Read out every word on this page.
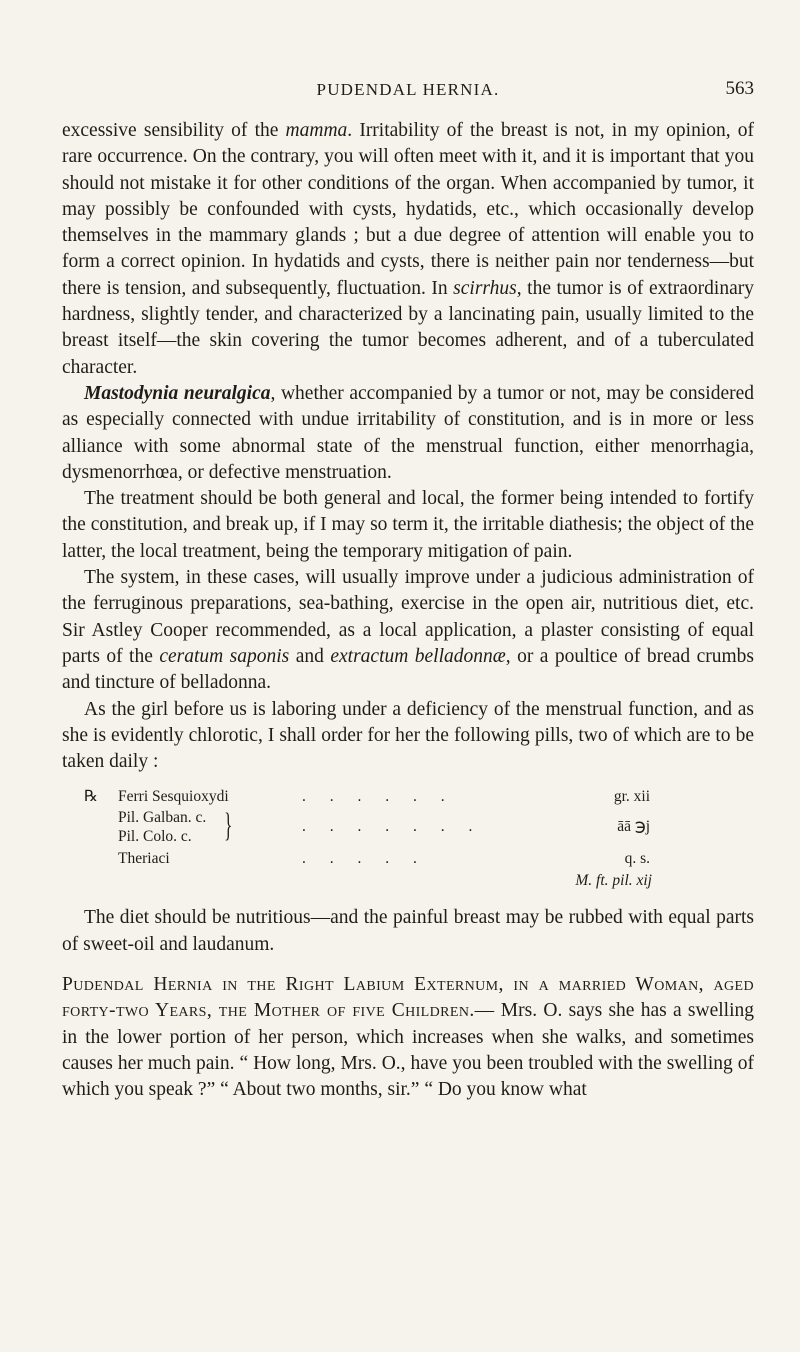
PUDENDAL HERNIA.	563

excessive sensibility of the mamma. Irritability of the breast is not, in my opinion, of rare occurrence. On the contrary, you will often meet with it, and it is important that you should not mistake it for other conditions of the organ. When accompanied by tumor, it may possibly be confounded with cysts, hydatids, etc., which occasionally develop themselves in the mammary glands ; but a due degree of attention will enable you to form a correct opinion. In hydatids and cysts, there is neither pain nor tenderness—but there is tension, and subsequently, fluctuation. In scirrhus, the tumor is of extraordinary hardness, slightly tender, and characterized by a lancinating pain, usually limited to the breast itself—the skin covering the tumor becomes adherent, and of a tuberculated character.

Mastodynia neuralgica, whether accompanied by a tumor or not, may be considered as especially connected with undue irritability of constitution, and is in more or less alliance with some abnormal state of the menstrual function, either menorrhagia, dysmenorrhœa, or defective menstruation.

The treatment should be both general and local, the former being intended to fortify the constitution, and break up, if I may so term it, the irritable diathesis; the object of the latter, the local treatment, being the temporary mitigation of pain.

The system, in these cases, will usually improve under a judicious administration of the ferruginous preparations, sea-bathing, exercise in the open air, nutritious diet, etc. Sir Astley Cooper recommended, as a local application, a plaster consisting of equal parts of the ceratum saponis and extractum belladonnæ, or a poultice of bread crumbs and tincture of belladonna.

As the girl before us is laboring under a deficiency of the menstrual function, and as she is evidently chlorotic, I shall order for her the following pills, two of which are to be taken daily :

℞ Ferri Sesquioxydi	. . . . . .	gr. xii
Pil. Galban. c.
Pil. Colo. c. }	. . . . . . .	āā ℈j
Theriaci	. . . . .	q. s.
M. ft. pil. xij

The diet should be nutritious—and the painful breast may be rubbed with equal parts of sweet-oil and laudanum.

Pudendal Hernia in the Right Labium Externum, in a married Woman, aged forty-two Years, the Mother of five Children.— Mrs. O. says she has a swelling in the lower portion of her person, which increases when she walks, and sometimes causes her much pain. “ How long, Mrs. O., have you been troubled with the swelling of which you speak ?” “ About two months, sir.” “ Do you know what
